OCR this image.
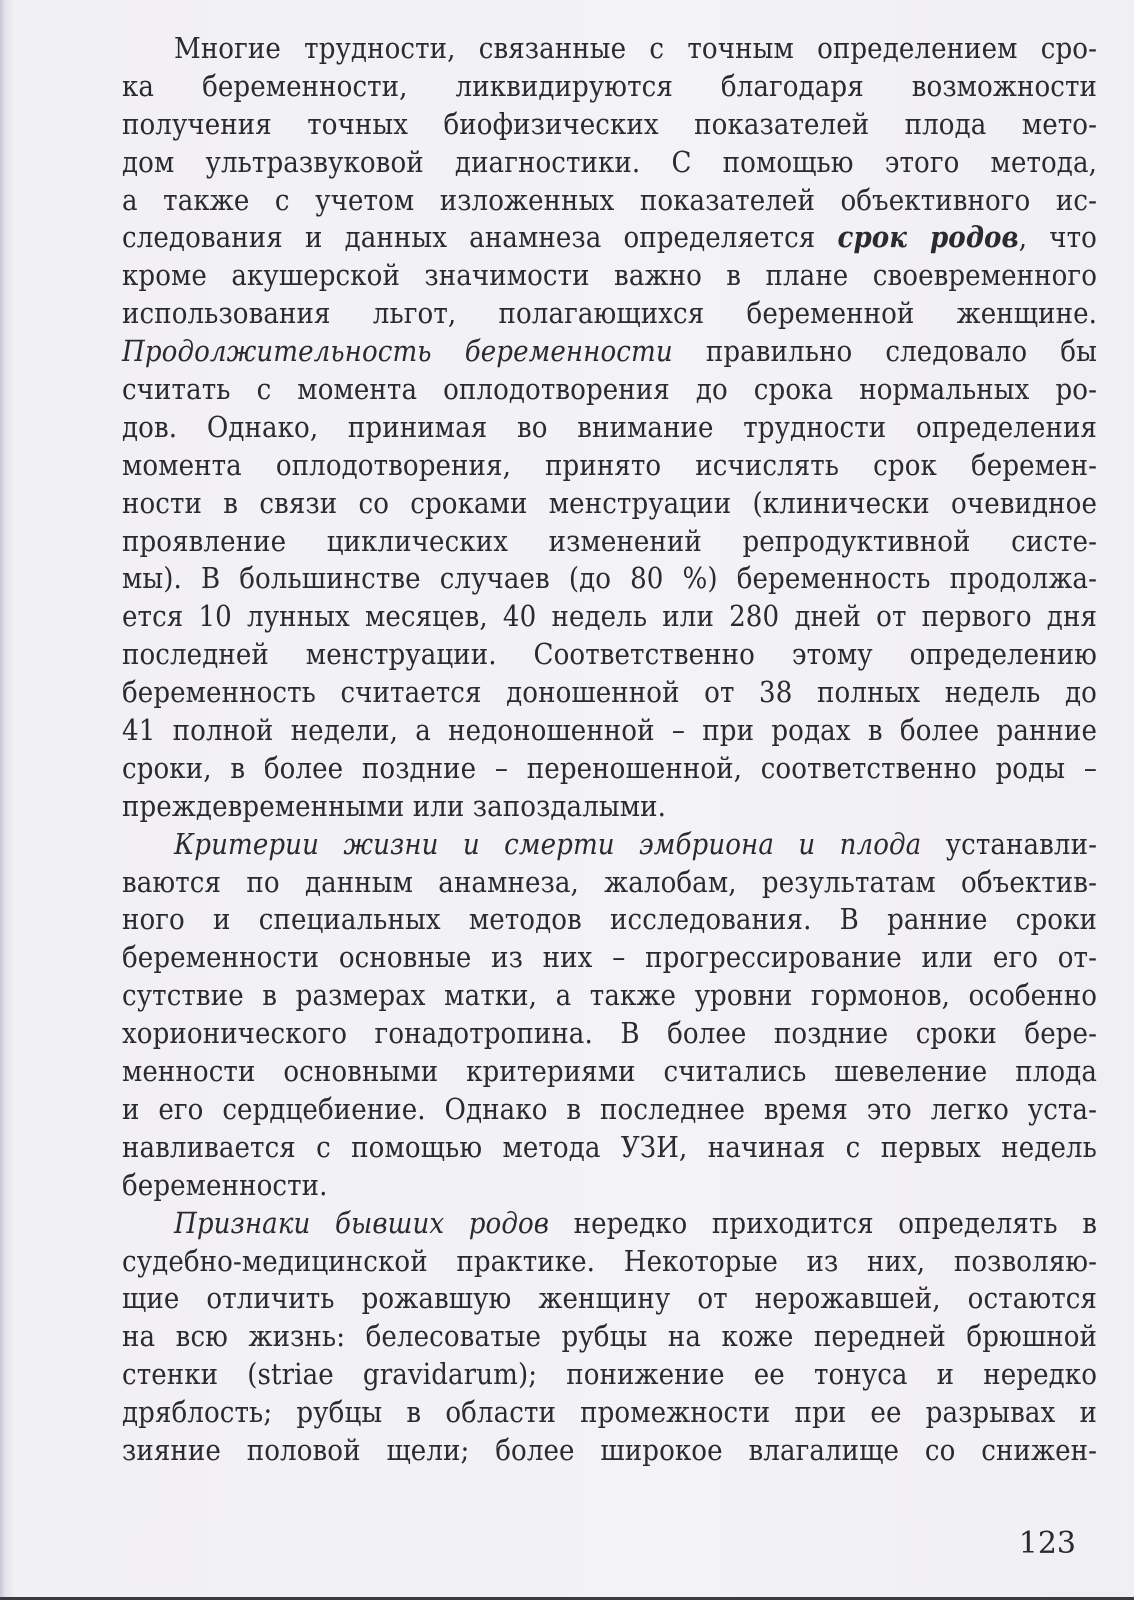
Многие трудности, связанные с точным определением сро-
ка беременности, ликвидируются благодаря возможности
получения точных биофизических показателей плода мето-
дом ультразвуковой диагностики. С помощью этого метода,
а также с учетом изложенных показателей объективного ис-
следования и данных анамнеза определяется срок родов, что
кроме акушерской значимости важно в плане своевременного
использования льгот, полагающихся беременной женщине.
Продолжительность беременности правильно следовало бы
считать с момента оплодотворения до срока нормальных ро-
дов. Однако, принимая во внимание трудности определения
момента оплодотворения, принято исчислять срок беремен-
ности в связи со сроками менструации (клинически очевидное
проявление циклических изменений репродуктивной систе-
мы). В большинстве случаев (до 80 %) беременность продолжа-
ется 10 лунных месяцев, 40 недель или 280 дней от первого дня
последней менструации. Соответственно этому определению
беременность считается доношенной от 38 полных недель до
41 полной недели, а недоношенной – при родах в более ранние
сроки, в более поздние – переношенной, соответственно роды –
преждевременными или запоздалыми.
Критерии жизни и смерти эмбриона и плода устанавли-
ваются по данным анамнеза, жалобам, результатам объектив-
ного и специальных методов исследования. В ранние сроки
беременности основные из них – прогрессирование или его от-
сутствие в размерах матки, а также уровни гормонов, особенно
хорионического гонадотропина. В более поздние сроки бере-
менности основными критериями считались шевеление плода
и его сердцебиение. Однако в последнее время это легко уста-
навливается с помощью метода УЗИ, начиная с первых недель
беременности.
Признаки бывших родов нередко приходится определять в
судебно-медицинской практике. Некоторые из них, позволяю-
щие отличить рожавшую женщину от нерожавшей, остаются
на всю жизнь: белесоватые рубцы на коже передней брюшной
стенки (striae gravidarum); понижение ее тонуса и нередко
дряблость; рубцы в области промежности при ее разрывах и
зияние половой щели; более широкое влагалище со снижен-
123
